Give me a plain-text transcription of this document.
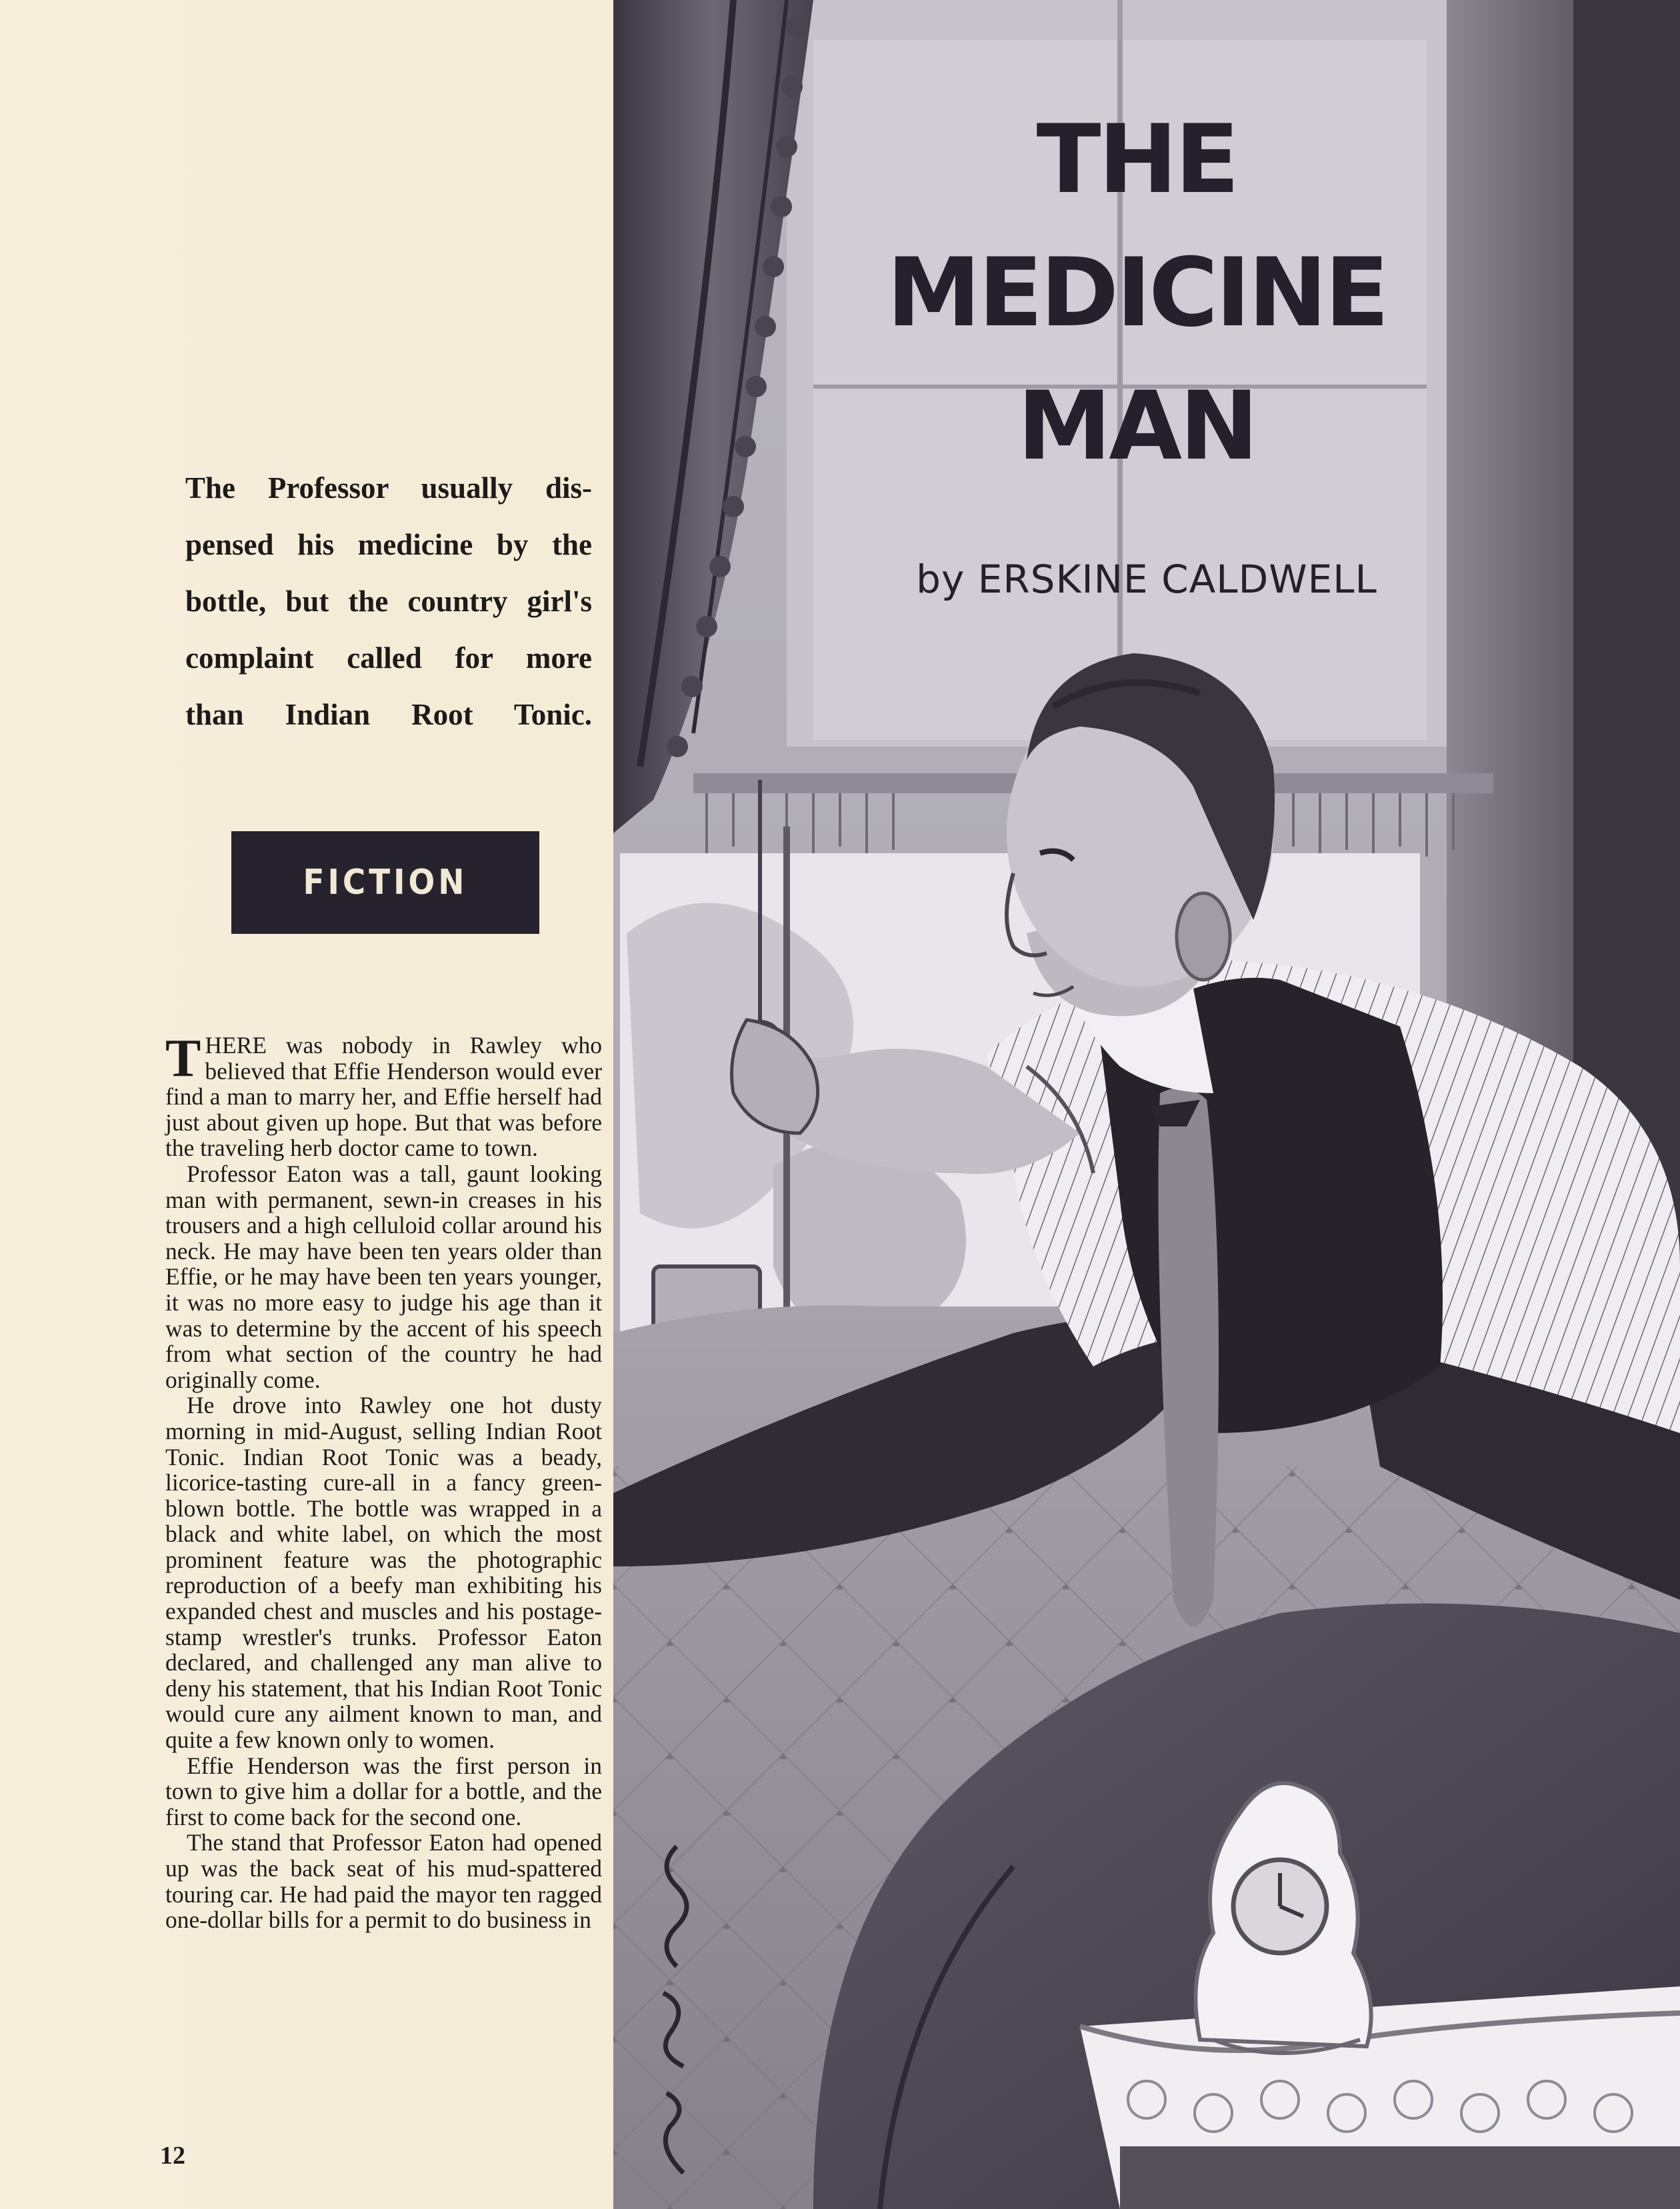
The Professor usually dis-
pensed his medicine by the
bottle, but the country girl's
complaint called for more
than Indian Root Tonic.
FICTION

THERE was nobody in Rawley who believed that Effie Henderson would ever find a man to marry her, and Effie herself had just about given up hope. But that was before the traveling herb doctor came to town.

Professor Eaton was a tall, gaunt looking man with permanent, sewn-in creases in his trousers and a high celluloid collar around his neck. He may have been ten years older than Effie, or he may have been ten years younger, it was no more easy to judge his age than it was to determine by the accent of his speech from what section of the country he had originally come.

He drove into Rawley one hot dusty morning in mid-August, selling Indian Root Tonic. Indian Root Tonic was a beady, licorice-tasting cure-all in a fancy green-blown bottle. The bottle was wrapped in a black and white label, on which the most prominent feature was the photographic reproduction of a beefy man exhibiting his expanded chest and muscles and his postage-stamp wrestler's trunks. Professor Eaton declared, and challenged any man alive to deny his statement, that his Indian Root Tonic would cure any ailment known to man, and quite a few known only to women.

Effie Henderson was the first person in town to give him a dollar for a bottle, and the first to come back for the second one.

The stand that Professor Eaton had opened up was the back seat of his mud-spattered touring car. He had paid the mayor ten ragged one-dollar bills for a permit to do business in

12
THE
MEDICINE
MAN
by ERSKINE CALDWELL
